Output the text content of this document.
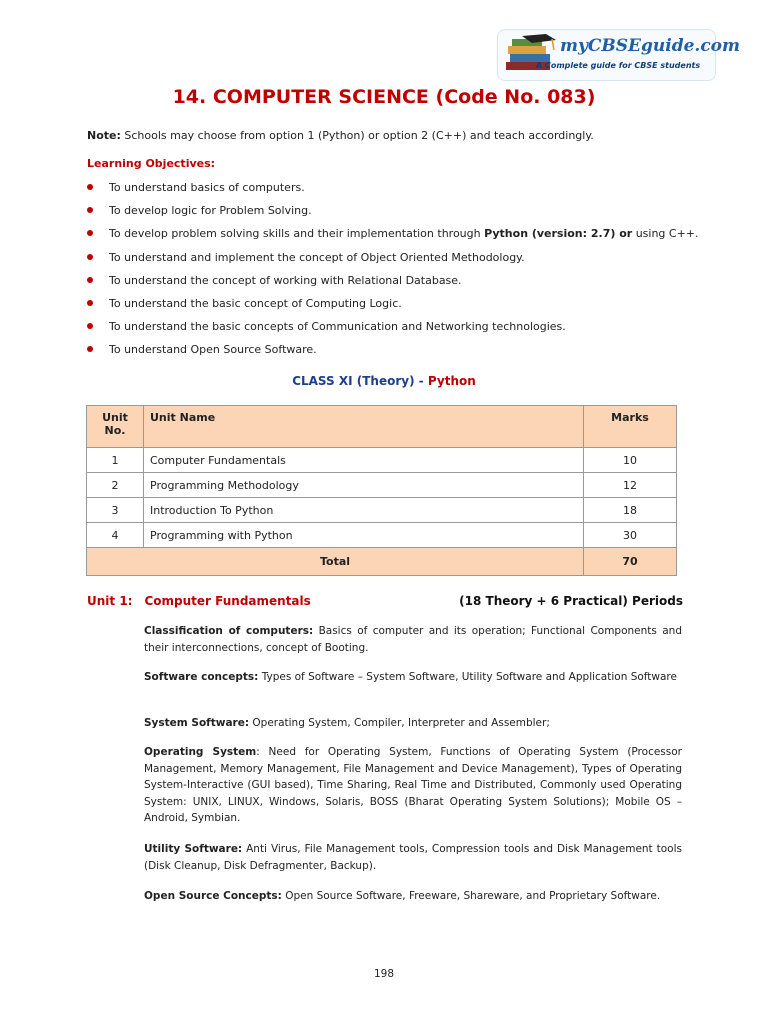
myCBSEguide.com
A Complete guide for CBSE students
14. COMPUTER SCIENCE (Code No. 083)

Note: Schools may choose from option 1 (Python) or option 2 (C++) and teach accordingly.

Learning Objectives:

To understand basics of computers.
To develop logic for Problem Solving.
To develop problem solving skills and their implementation through Python (version: 2.7) or using C++.
To understand and implement the concept of Object Oriented Methodology.
To understand the concept of working with Relational Database.
To understand the basic concept of Computing Logic.
To understand the basic concepts of Communication and Networking technologies.
To understand Open Source Software.

CLASS XI (Theory) - Python

Unit No.	Unit Name	Marks
1	Computer Fundamentals	10
2	Programming Methodology	12
3	Introduction To Python	18
4	Programming with Python	30
Total		70
Unit 1: Computer Fundamentals	(18 Theory + 6 Practical) Periods

Classification of computers: Basics of computer and its operation; Functional Components and their interconnections, concept of Booting.

Software concepts: Types of Software – System Software, Utility Software and Application Software

System Software: Operating System, Compiler, Interpreter and Assembler;

Operating System: Need for Operating System, Functions of Operating System (Processor Management, Memory Management, File Management and Device Management), Types of Operating System-Interactive (GUI based), Time Sharing, Real Time and Distributed, Commonly used Operating System: UNIX, LINUX, Windows, Solaris, BOSS (Bharat Operating System Solutions); Mobile OS – Android, Symbian.

Utility Software: Anti Virus, File Management tools, Compression tools and Disk Management tools (Disk Cleanup, Disk Defragmenter, Backup).

Open Source Concepts: Open Source Software, Freeware, Shareware, and Proprietary Software.

198
